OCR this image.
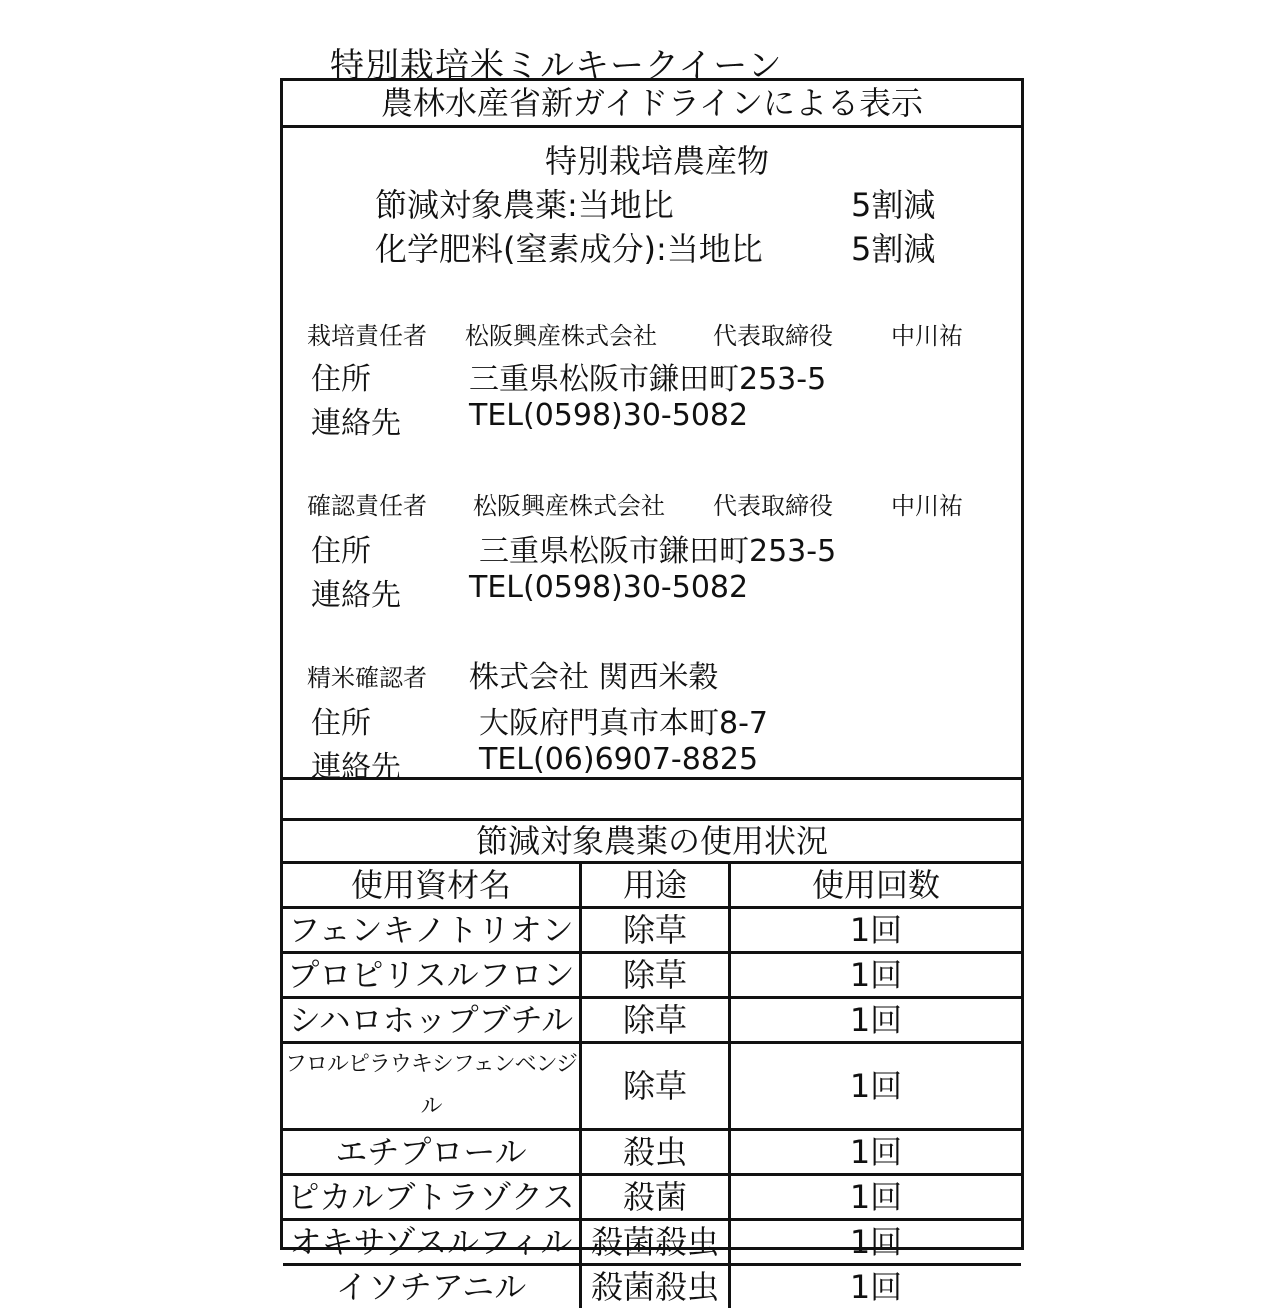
特別栽培米ミルキークイーン
農林水産省新ガイドラインによる表示
特別栽培農産物
節減対象農薬:当地比	5割減
化学肥料(窒素成分):当地比	5割減
栽培責任者 松阪興産株式会社 代表取締役 中川祐
住所	三重県松阪市鎌田町253-5
連絡先 TEL(0598)30-5082
確認責任者 松阪興産株式会社 代表取締役 中川祐
住所	三重県松阪市鎌田町253-5
連絡先 TEL(0598)30-5082
精米確認者 株式会社 関西米穀
住所	大阪府門真市本町8-7
連絡先	TEL(06)6907-8825
節減対象農薬の使用状況
使用資材名	用途	使用回数
フェンキノトリオン	除草	1回
プロピリスルフロン	除草	1回
シハロホップブチル	除草	1回
フロルピラウキシフェンベンジル	除草	1回
エチプロール	殺虫	1回
ピカルブトラゾクス	殺菌	1回
オキサゾスルフィル	殺菌殺虫	1回
イソチアニル	殺菌殺虫	1回
